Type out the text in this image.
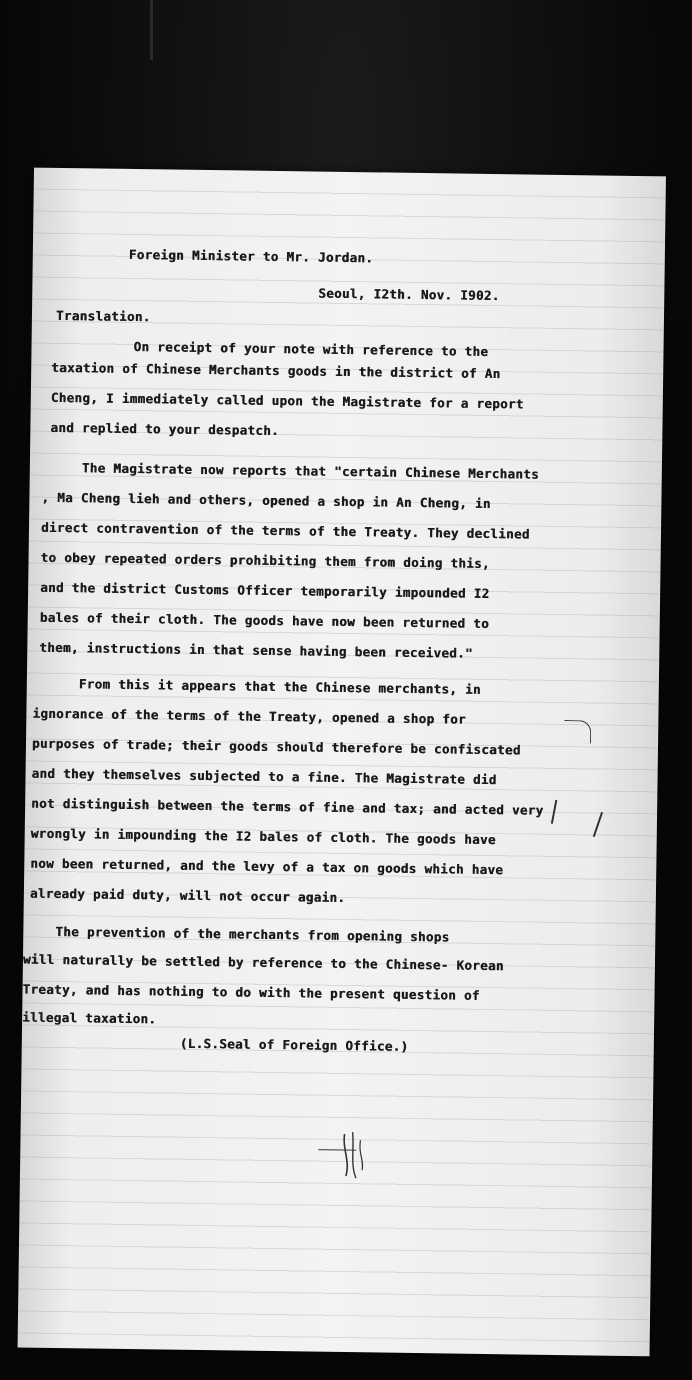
Foreign Minister to Mr. Jordan.
Seoul, I2th. Nov. I902.
Translation.
On receipt of your note with reference to the
taxation of Chinese Merchants goods in the district of An
Cheng, I immediately called upon the Magistrate for a report
and replied to your despatch.
The Magistrate now reports that "certain Chinese Merchants
, Ma Cheng lieh and others, opened a shop in An Cheng, in
direct contravention of the terms of the Treaty. They declined
to obey repeated orders prohibiting them from doing this,
and the district Customs Officer temporarily impounded I2
bales of their cloth. The goods have now been returned to
them, instructions in that sense having been received."
From this it appears that the Chinese merchants, in
ignorance of the terms of the Treaty, opened a shop for
purposes of trade; their goods should therefore be confiscated
and they themselves subjected to a fine. The Magistrate did
not distinguish between the terms of fine and tax; and acted very
wrongly in impounding the I2 bales of cloth. The goods have
now been returned, and the levy of a tax on goods which have
already paid duty, will not occur again.
The prevention of the merchants from opening shops
will naturally be settled by reference to the Chinese- Korean
Treaty, and has nothing to do with the present question of
illegal taxation.
(L.S.Seal of Foreign Office.)
